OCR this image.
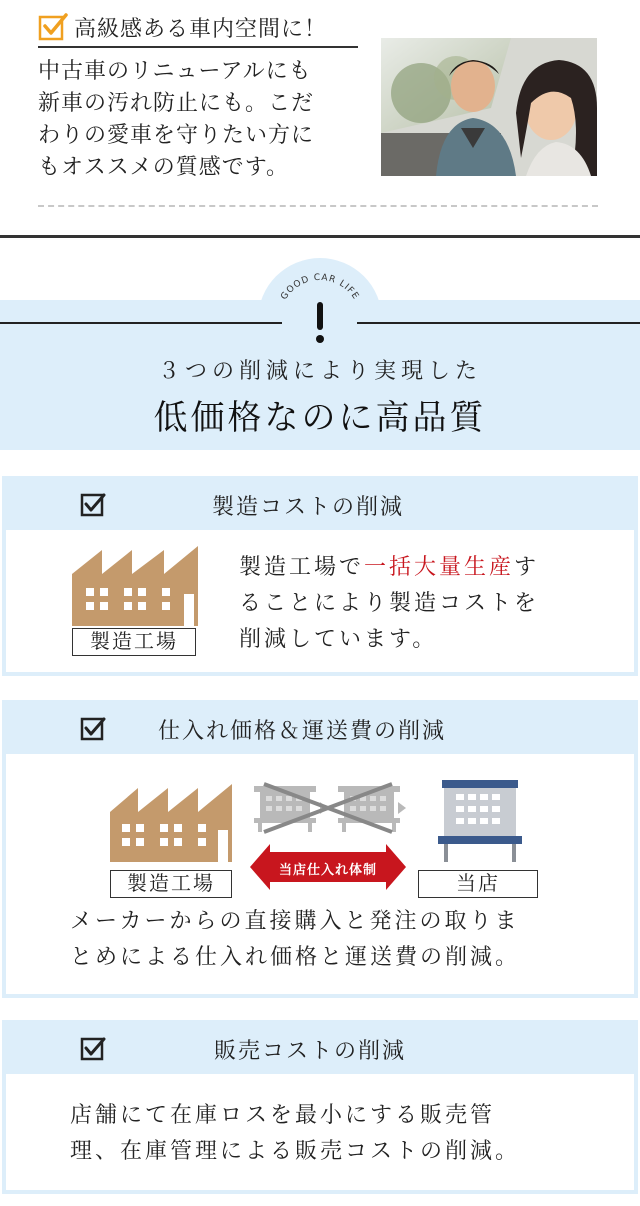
高級感ある車内空間に！
中古車のリニューアルにも
新車の汚れ防止にも。こだ
わりの愛車を守りたい方に
もオススメの質感です。
GOOD CAR LIFE
３つの削減により実現した
低価格なのに高品質
製造コストの削減
製造工場
製造工場で一括大量生産す
ることにより製造コストを
削減しています。
仕入れ価格＆運送費の削減
製造工場
当店仕入れ体制
当店
メーカーからの直接購入と発注の取りま
とめによる仕入れ価格と運送費の削減。
販売コストの削減
店舗にて在庫ロスを最小にする販売管
理、在庫管理による販売コストの削減。
